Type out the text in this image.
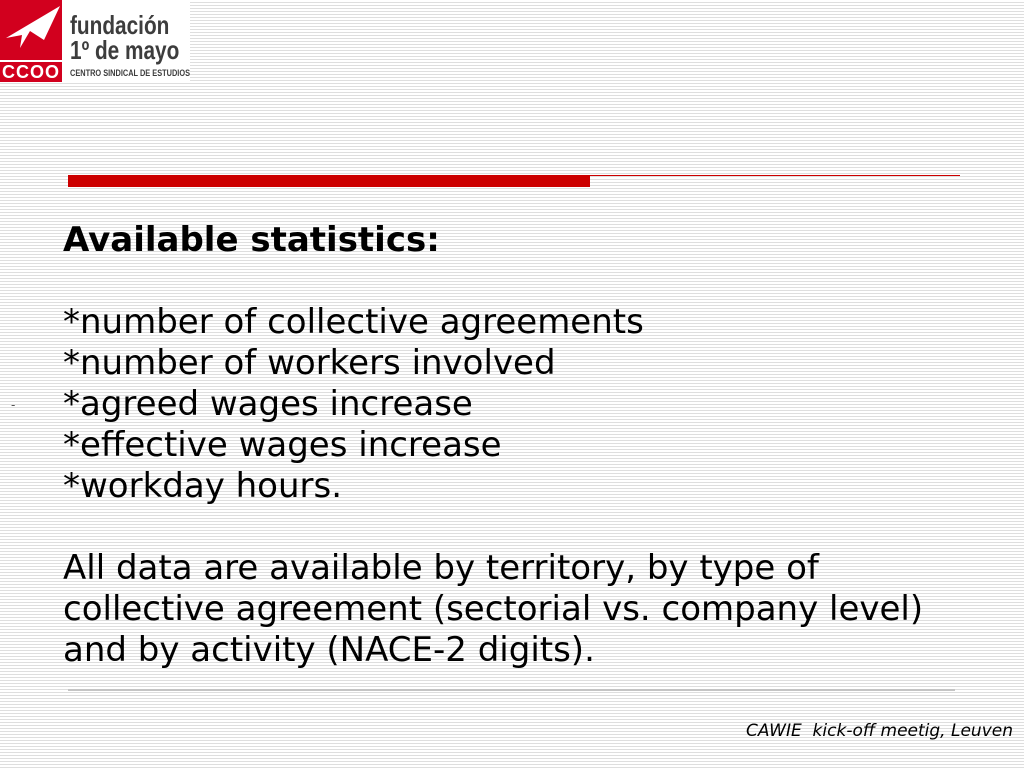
CCOO
fundación
1º de mayo
CENTRO SINDICAL DE ESTUDIOS
-
Available statistics:
*number of collective agreements
*number of workers involved
*agreed wages increase
*effective wages increase
*workday hours.
All data are available by territory, by type of
collective agreement (sectorial vs. company level)
and by activity (NACE-2 digits).
CAWIE  kick-off meetig, Leuven
